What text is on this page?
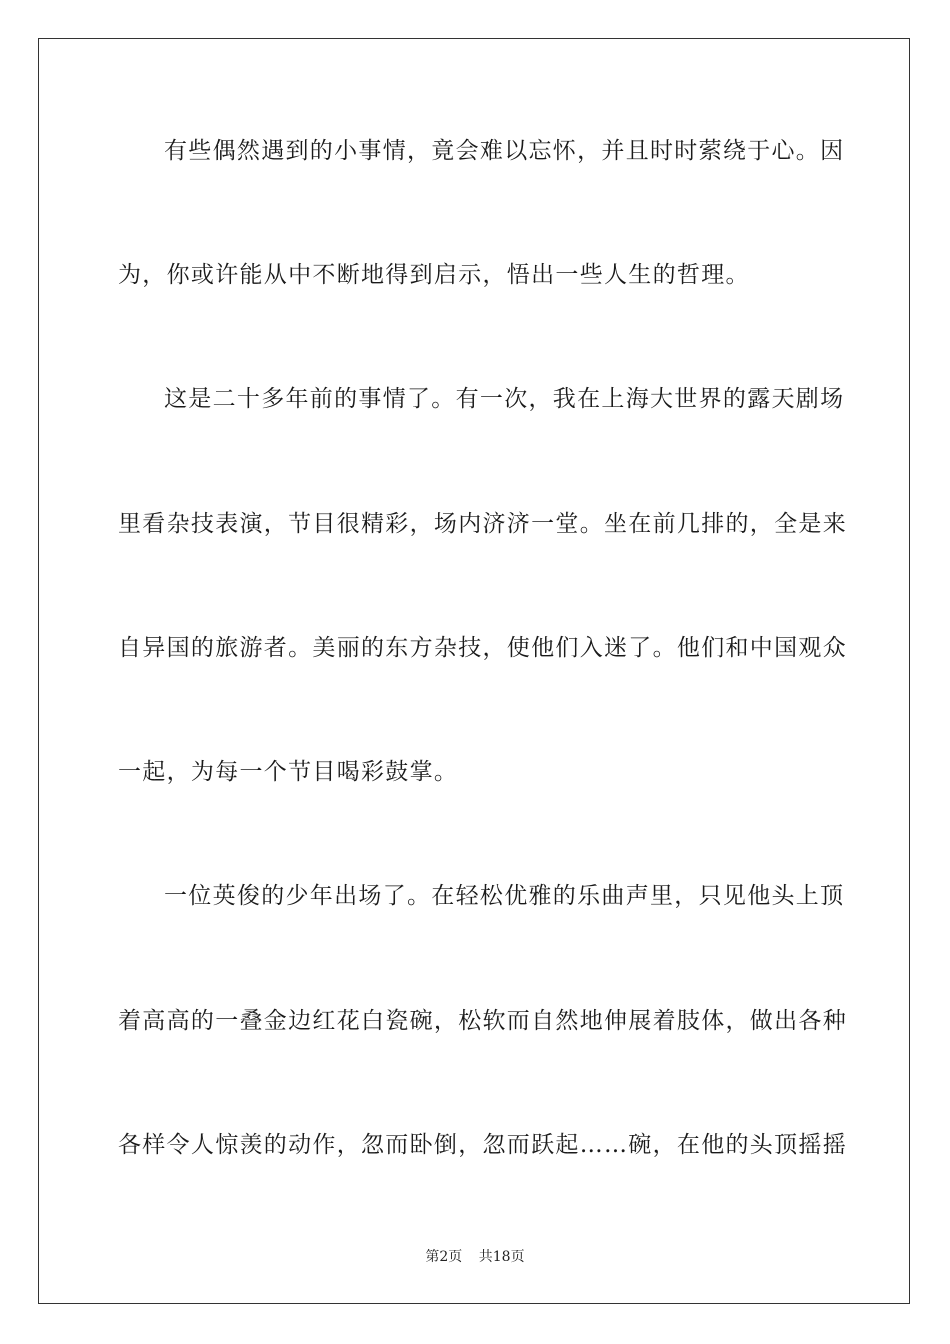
有些偶然遇到的小事情，竟会难以忘怀，并且时时萦绕于心。因
为，你或许能从中不断地得到启示，悟出一些人生的哲理。
这是二十多年前的事情了。有一次，我在上海大世界的露天剧场
里看杂技表演，节目很精彩，场内济济一堂。坐在前几排的，全是来
自异国的旅游者。美丽的东方杂技，使他们入迷了。他们和中国观众
一起，为每一个节目喝彩鼓掌。
一位英俊的少年出场了。在轻松优雅的乐曲声里，只见他头上顶
着高高的一叠金边红花白瓷碗，松软而自然地伸展着肢体，做出各种
各样令人惊羡的动作，忽而卧倒，忽而跃起……碗，在他的头顶摇摇
第2页 共18页
